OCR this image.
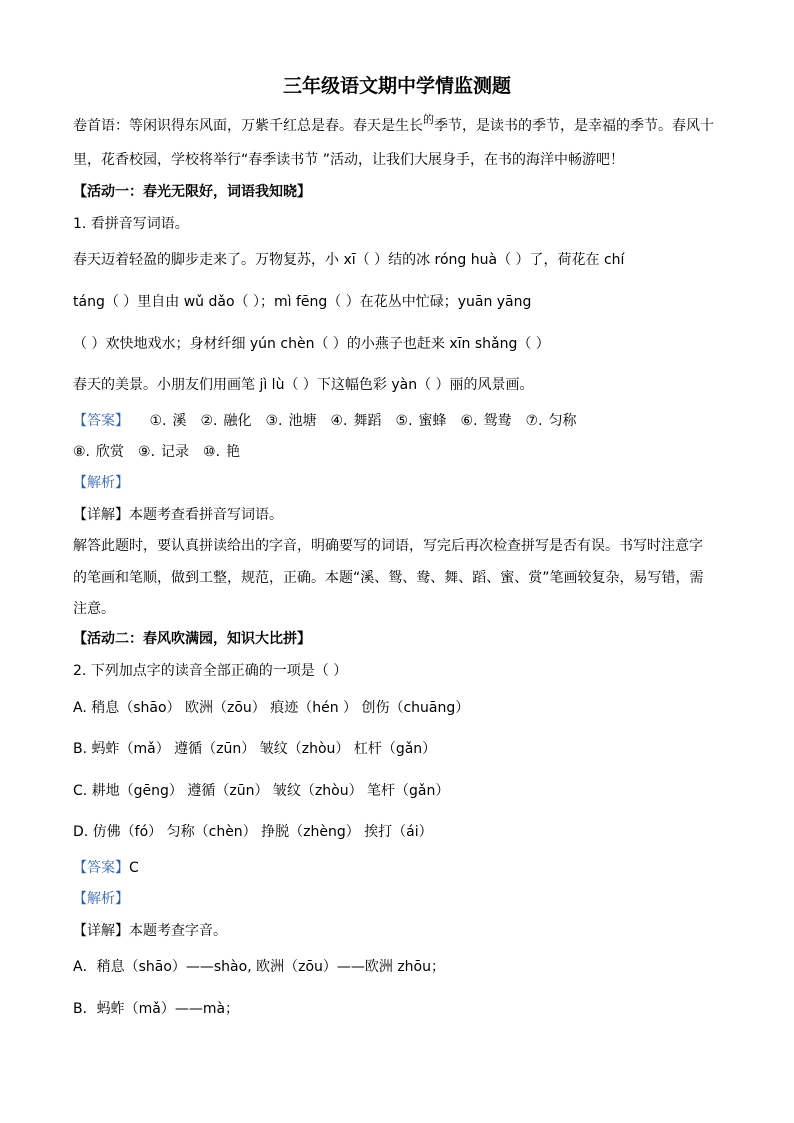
三年级语文期中学情监测题
卷首语：等闲识得东风面，万紫千红总是春。春天是生长$^的$季节，是读书的季节，是幸福的季节。春风十
里，花香校园，学校将举行“春季读书节 ”活动，让我们大展身手，在书的海洋中畅游吧！
【活动一：春光无限好，词语我知晓】
1. 看拼音写词语。
春天迈着轻盈的脚步走来了。万物复苏，小 xī（ ）结的冰 róng huà（ ）了，荷花在 chí
táng（ ）里自由 wǔ dǎo（ ）；mì fēng（ ）在花丛中忙碌；yuān yāng
（ ）欢快地戏水；身材纤细 yún chèn（ ）的小燕子也赶来 xīn shǎng（ ）
春天的美景。小朋友们用画笔 jì lù（ ）下这幅色彩 yàn（ ）丽的风景画。
【答案】 ①. 溪 ②. 融化 ③. 池塘 ④. 舞蹈 ⑤. 蜜蜂 ⑥. 鸳鸯 ⑦. 匀称
⑧. 欣赏 ⑨. 记录 ⑩. 艳
【解析】
【详解】本题考查看拼音写词语。
解答此题时，要认真拼读给出的字音，明确要写的词语，写完后再次检查拼写是否有误。书写时注意字
的笔画和笔顺，做到工整，规范，正确。本题“溪、鸳、鸯、舞、蹈、蜜、赏”笔画较复杂，易写错，需
注意。
【活动二：春风吹满园，知识大比拼】
2. 下列加点字的读音全部正确的一项是（ ）
A. 稍息（shāo） 欧洲（zōu） 痕迹（hén ） 创伤（chuāng）
B. 蚂蚱（mǎ） 遵循（zūn） 皱纹（zhòu） 杠杆（gǎn）
C. 耕地（gēng） 遵循（zūn） 皱纹（zhòu） 笔杆（gǎn）
D. 仿佛（fó） 匀称（chèn） 挣脱（zhèng） 挨打（ái）
【答案】C
【解析】
【详解】本题考查字音。
A．稍息（shāo）——shào, 欧洲（zōu）——欧洲 zhōu；
B．蚂蚱（mǎ）——mà；
